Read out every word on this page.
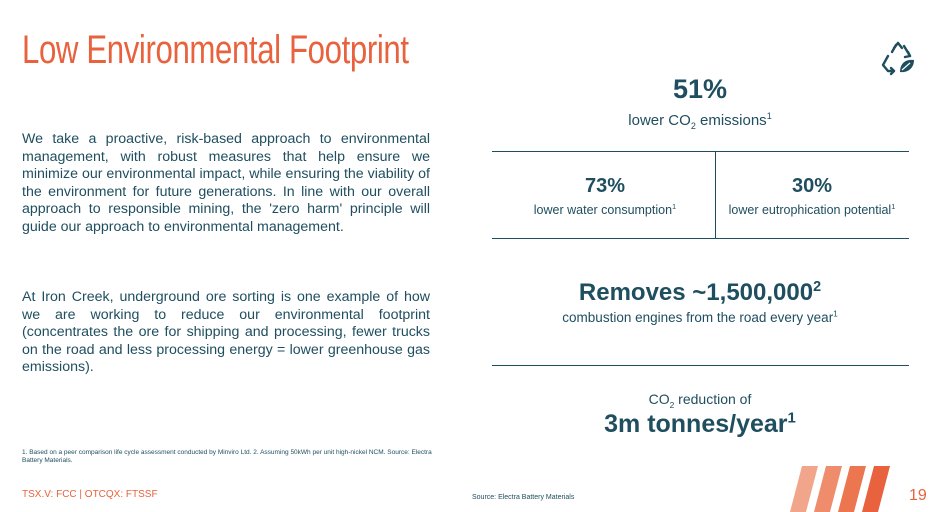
Low Environmental Footprint
We take a proactive, risk-based approach to environmental management, with robust measures that help ensure we minimize our environmental impact, while ensuring the viability of the environment for future generations. In line with our overall approach to responsible mining, the 'zero harm' principle will guide our approach to environmental management.
At Iron Creek, underground ore sorting is one example of how we are working to reduce our environmental footprint (concentrates the ore for shipping and processing, fewer trucks on the road and less processing energy = lower greenhouse gas emissions).
51%
lower $CO_2$ emissions$^1$
73%
lower water consumption$^1$
30%
lower eutrophication potential$^1$
Removes ~1,500,000$^2$
combustion engines from the road every year$^1$
$CO_2$ reduction of
3m tonnes/year$^1$
1. Based on a peer comparison life cycle assessment conducted by Minviro Ltd. 2. Assuming 50kWh per unit high-nickel NCM. Source: Electra Battery Materials.
TSX.V: FCC | OTCQX: FTSSF	Source: Electra Battery Materials	19
